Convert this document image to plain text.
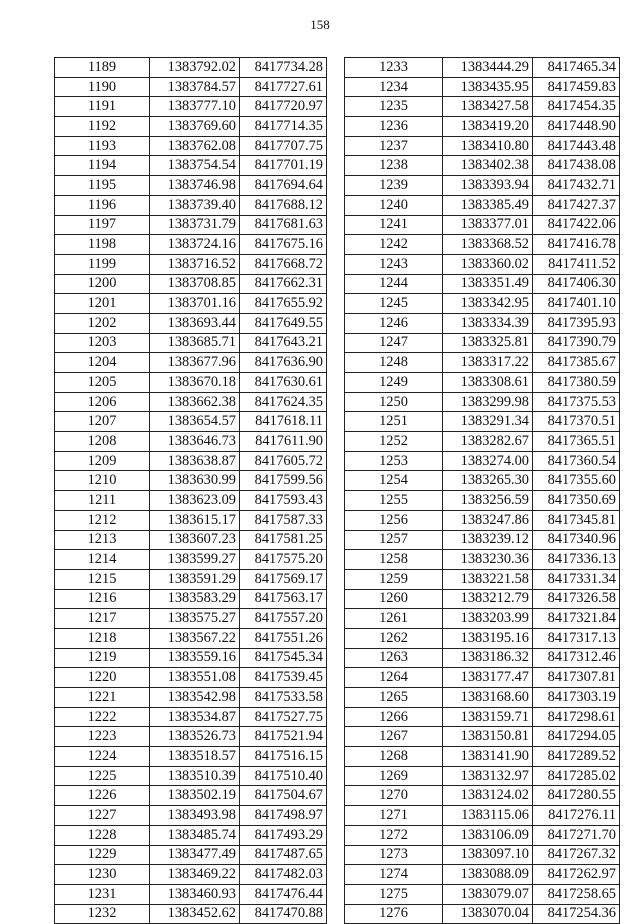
158
1189	1383792.02	8417734.28
1190	1383784.57	8417727.61
1191	1383777.10	8417720.97
1192	1383769.60	8417714.35
1193	1383762.08	8417707.75
1194	1383754.54	8417701.19
1195	1383746.98	8417694.64
1196	1383739.40	8417688.12
1197	1383731.79	8417681.63
1198	1383724.16	8417675.16
1199	1383716.52	8417668.72
1200	1383708.85	8417662.31
1201	1383701.16	8417655.92
1202	1383693.44	8417649.55
1203	1383685.71	8417643.21
1204	1383677.96	8417636.90
1205	1383670.18	8417630.61
1206	1383662.38	8417624.35
1207	1383654.57	8417618.11
1208	1383646.73	8417611.90
1209	1383638.87	8417605.72
1210	1383630.99	8417599.56
1211	1383623.09	8417593.43
1212	1383615.17	8417587.33
1213	1383607.23	8417581.25
1214	1383599.27	8417575.20
1215	1383591.29	8417569.17
1216	1383583.29	8417563.17
1217	1383575.27	8417557.20
1218	1383567.22	8417551.26
1219	1383559.16	8417545.34
1220	1383551.08	8417539.45
1221	1383542.98	8417533.58
1222	1383534.87	8417527.75
1223	1383526.73	8417521.94
1224	1383518.57	8417516.15
1225	1383510.39	8417510.40
1226	1383502.19	8417504.67
1227	1383493.98	8417498.97
1228	1383485.74	8417493.29
1229	1383477.49	8417487.65
1230	1383469.22	8417482.03
1231	1383460.93	8417476.44
1232	1383452.62	8417470.88
1233	1383444.29	8417465.34
1234	1383435.95	8417459.83
1235	1383427.58	8417454.35
1236	1383419.20	8417448.90
1237	1383410.80	8417443.48
1238	1383402.38	8417438.08
1239	1383393.94	8417432.71
1240	1383385.49	8417427.37
1241	1383377.01	8417422.06
1242	1383368.52	8417416.78
1243	1383360.02	8417411.52
1244	1383351.49	8417406.30
1245	1383342.95	8417401.10
1246	1383334.39	8417395.93
1247	1383325.81	8417390.79
1248	1383317.22	8417385.67
1249	1383308.61	8417380.59
1250	1383299.98	8417375.53
1251	1383291.34	8417370.51
1252	1383282.67	8417365.51
1253	1383274.00	8417360.54
1254	1383265.30	8417355.60
1255	1383256.59	8417350.69
1256	1383247.86	8417345.81
1257	1383239.12	8417340.96
1258	1383230.36	8417336.13
1259	1383221.58	8417331.34
1260	1383212.79	8417326.58
1261	1383203.99	8417321.84
1262	1383195.16	8417317.13
1263	1383186.32	8417312.46
1264	1383177.47	8417307.81
1265	1383168.60	8417303.19
1266	1383159.71	8417298.61
1267	1383150.81	8417294.05
1268	1383141.90	8417289.52
1269	1383132.97	8417285.02
1270	1383124.02	8417280.55
1271	1383115.06	8417276.11
1272	1383106.09	8417271.70
1273	1383097.10	8417267.32
1274	1383088.09	8417262.97
1275	1383079.07	8417258.65
1276	1383070.04	8417254.36
